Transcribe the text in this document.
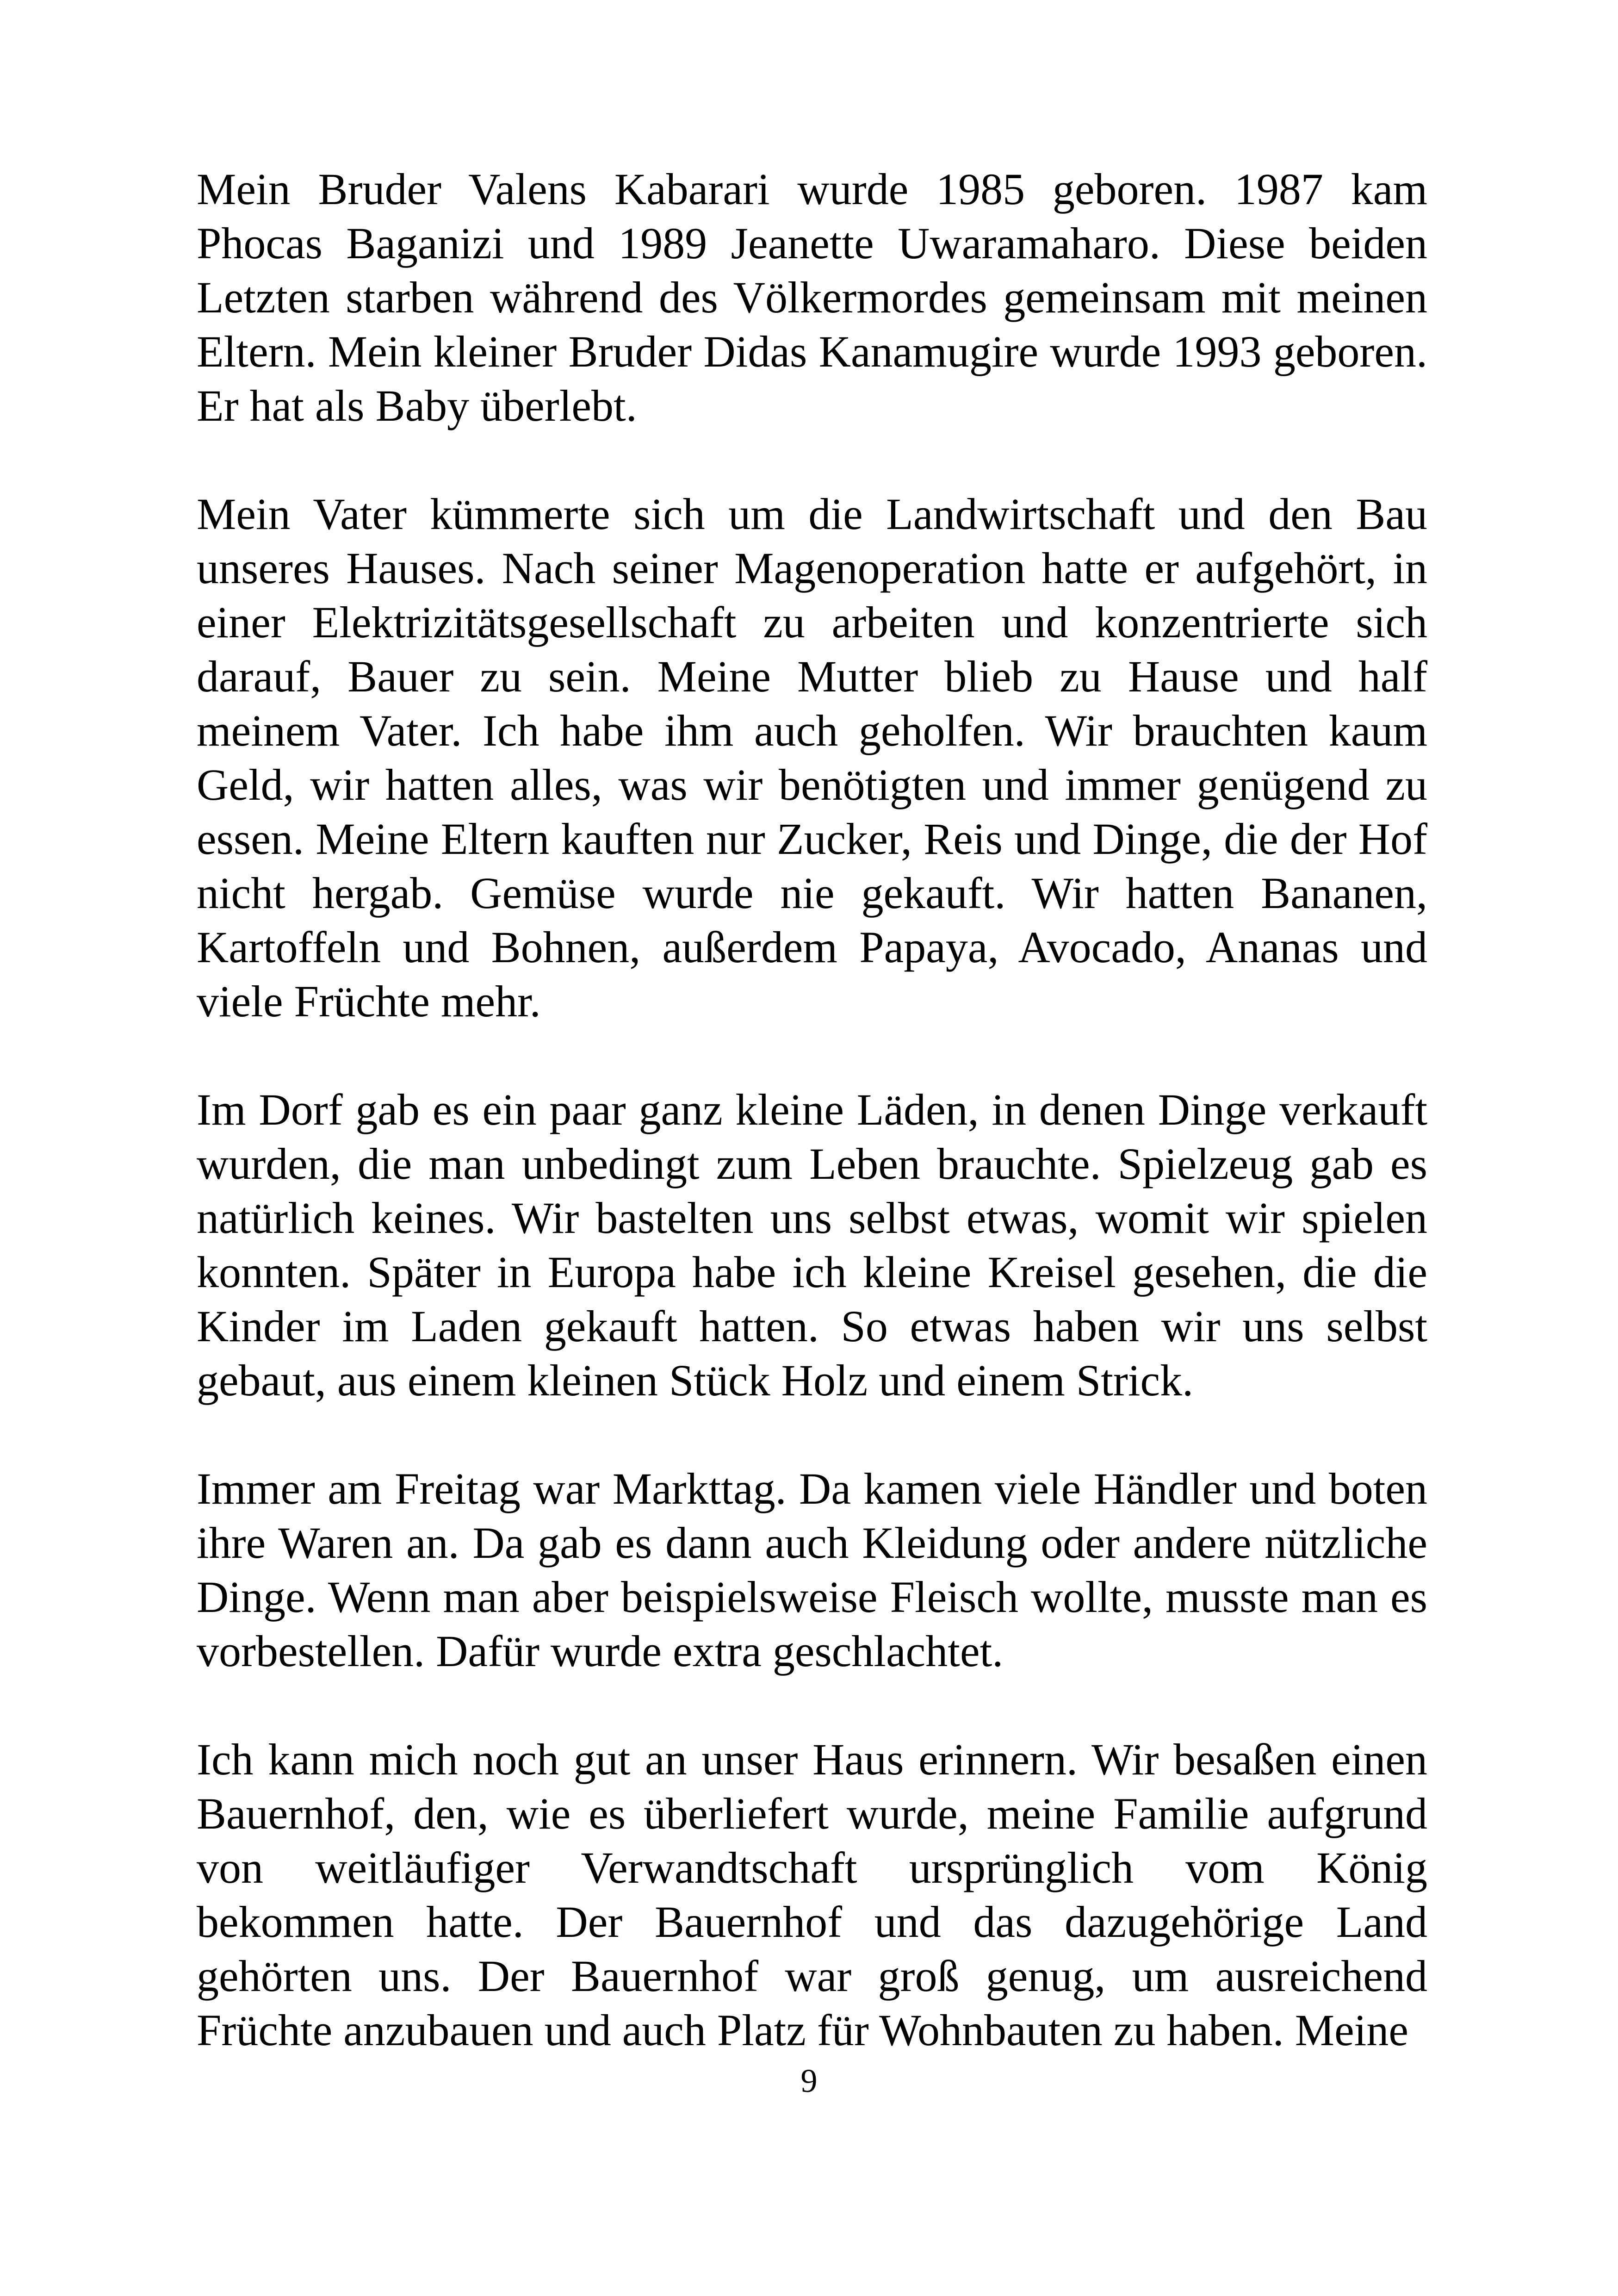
Mein Bruder Valens Kabarari wurde 1985 geboren. 1987 kam Phocas Baganizi und 1989 Jeanette Uwaramaharo. Diese beiden Letzten starben während des Völkermordes gemeinsam mit meinen Eltern. Mein kleiner Bruder Didas Kanamugire wurde 1993 geboren. Er hat als Baby überlebt.

Mein Vater kümmerte sich um die Landwirtschaft und den Bau unseres Hauses. Nach seiner Magenoperation hatte er aufgehört, in einer Elektrizitätsgesellschaft zu arbeiten und konzentrierte sich darauf, Bauer zu sein. Meine Mutter blieb zu Hause und half meinem Vater. Ich habe ihm auch geholfen. Wir brauchten kaum Geld, wir hatten alles, was wir benötigten und immer genügend zu essen. Meine Eltern kauften nur Zucker, Reis und Dinge, die der Hof nicht hergab. Gemüse wurde nie gekauft. Wir hatten Bananen, Kartoffeln und Bohnen, außerdem Papaya, Avocado, Ananas und viele Früchte mehr.

Im Dorf gab es ein paar ganz kleine Läden, in denen Dinge verkauft wurden, die man unbedingt zum Leben brauchte. Spielzeug gab es natürlich keines. Wir bastelten uns selbst etwas, womit wir spielen konnten. Später in Europa habe ich kleine Kreisel gesehen, die die Kinder im Laden gekauft hatten. So etwas haben wir uns selbst gebaut, aus einem kleinen Stück Holz und einem Strick.

Immer am Freitag war Markttag. Da kamen viele Händler und boten ihre Waren an. Da gab es dann auch Kleidung oder andere nützliche Dinge. Wenn man aber beispielsweise Fleisch wollte, musste man es vorbestellen. Dafür wurde extra geschlachtet.

Ich kann mich noch gut an unser Haus erinnern. Wir besaßen einen Bauernhof, den, wie es überliefert wurde, meine Familie aufgrund von weitläufiger Verwandtschaft ursprünglich vom König bekommen hatte. Der Bauernhof und das dazugehörige Land gehörten uns. Der Bauernhof war groß genug, um ausreichend Früchte anzubauen und auch Platz für Wohnbauten zu haben. Meine

9
